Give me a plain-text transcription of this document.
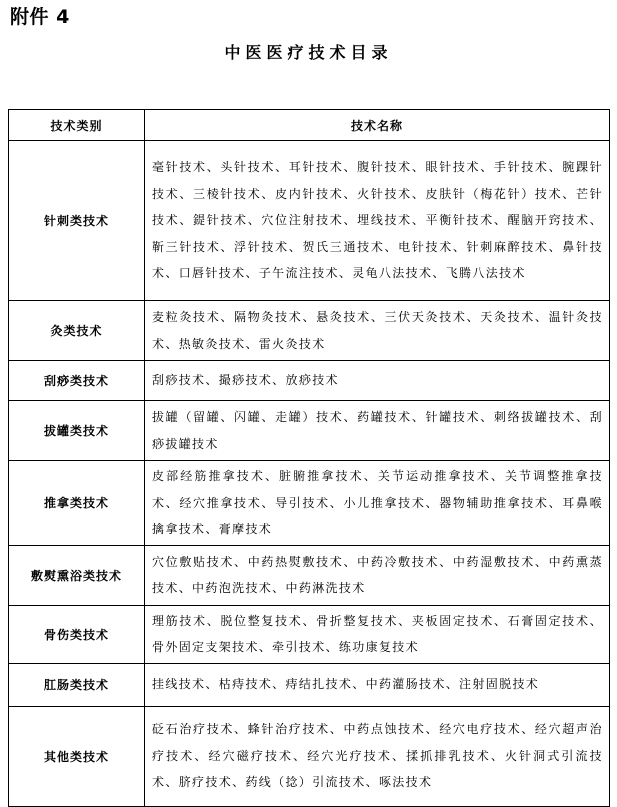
附件 4
中医医疗技术目录
技术类别	技术名称
针刺类技术	毫针技术、头针技术、耳针技术、腹针技术、眼针技术、手针技术、腕踝针技术、三棱针技术、皮内针技术、火针技术、皮肤针（梅花针）技术、芒针技术、鍉针技术、穴位注射技术、埋线技术、平衡针技术、醒脑开窍技术、靳三针技术、浮针技术、贺氏三通技术、电针技术、针刺麻醉技术、鼻针技术、口唇针技术、子午流注技术、灵龟八法技术、飞腾八法技术
灸类技术	麦粒灸技术、隔物灸技术、悬灸技术、三伏天灸技术、天灸技术、温针灸技术、热敏灸技术、雷火灸技术
刮痧类技术	刮痧技术、撮痧技术、放痧技术
拔罐类技术	拔罐（留罐、闪罐、走罐）技术、药罐技术、针罐技术、刺络拔罐技术、刮痧拔罐技术
推拿类技术	皮部经筋推拿技术、脏腑推拿技术、关节运动推拿技术、关节调整推拿技术、经穴推拿技术、导引技术、小儿推拿技术、器物辅助推拿技术、耳鼻喉擒拿技术、膏摩技术
敷熨熏浴类技术	穴位敷贴技术、中药热熨敷技术、中药冷敷技术、中药湿敷技术、中药熏蒸技术、中药泡洗技术、中药淋洗技术
骨伤类技术	理筋技术、脱位整复技术、骨折整复技术、夹板固定技术、石膏固定技术、骨外固定支架技术、牵引技术、练功康复技术
肛肠类技术	挂线技术、枯痔技术、痔结扎技术、中药灌肠技术、注射固脱技术
其他类技术	砭石治疗技术、蜂针治疗技术、中药点蚀技术、经穴电疗技术、经穴超声治疗技术、经穴磁疗技术、经穴光疗技术、揉抓排乳技术、火针洞式引流技术、脐疗技术、药线（捻）引流技术、啄法技术
